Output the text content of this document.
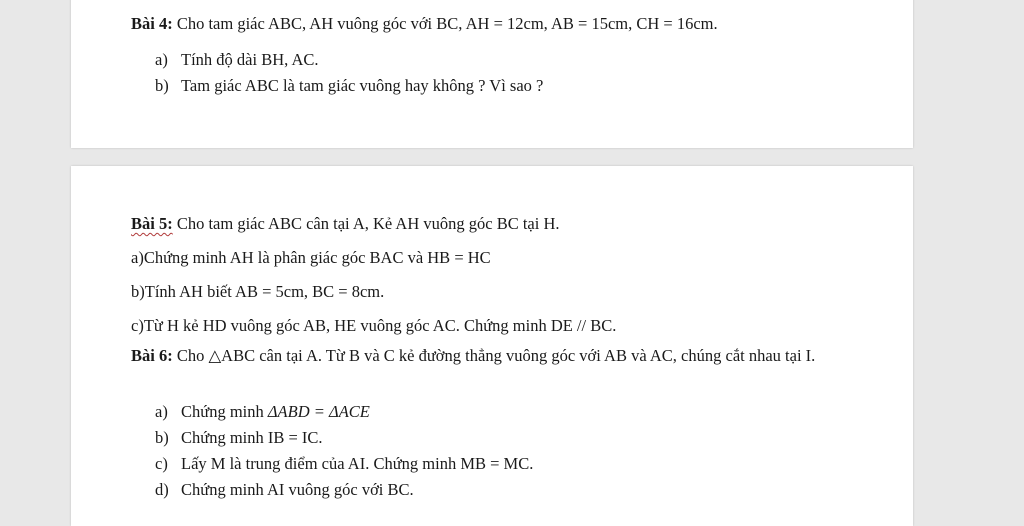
Bài 4: Cho tam giác ABC, AH vuông góc với BC, AH = 12cm, AB = 15cm, CH = 16cm.
a) Tính độ dài BH, AC.
b) Tam giác ABC là tam giác vuông hay không ? Vì sao ?
Bài 5: Cho tam giác ABC cân tại A, Kẻ AH vuông góc BC tại H.
a)Chứng minh AH là phân giác góc BAC và HB = HC
b)Tính AH biết AB = 5cm, BC = 8cm.
c)Từ H kẻ HD vuông góc AB, HE vuông góc AC. Chứng minh DE // BC.
Bài 6: Cho △ABC cân tại A. Từ B và C kẻ đường thẳng vuông góc với AB và AC, chúng cắt nhau tại I.
a) Chứng minh ΔABD = ΔACE
b) Chứng minh IB = IC.
c) Lấy M là trung điểm của AI. Chứng minh MB = MC.
d) Chứng minh AI vuông góc với BC.
